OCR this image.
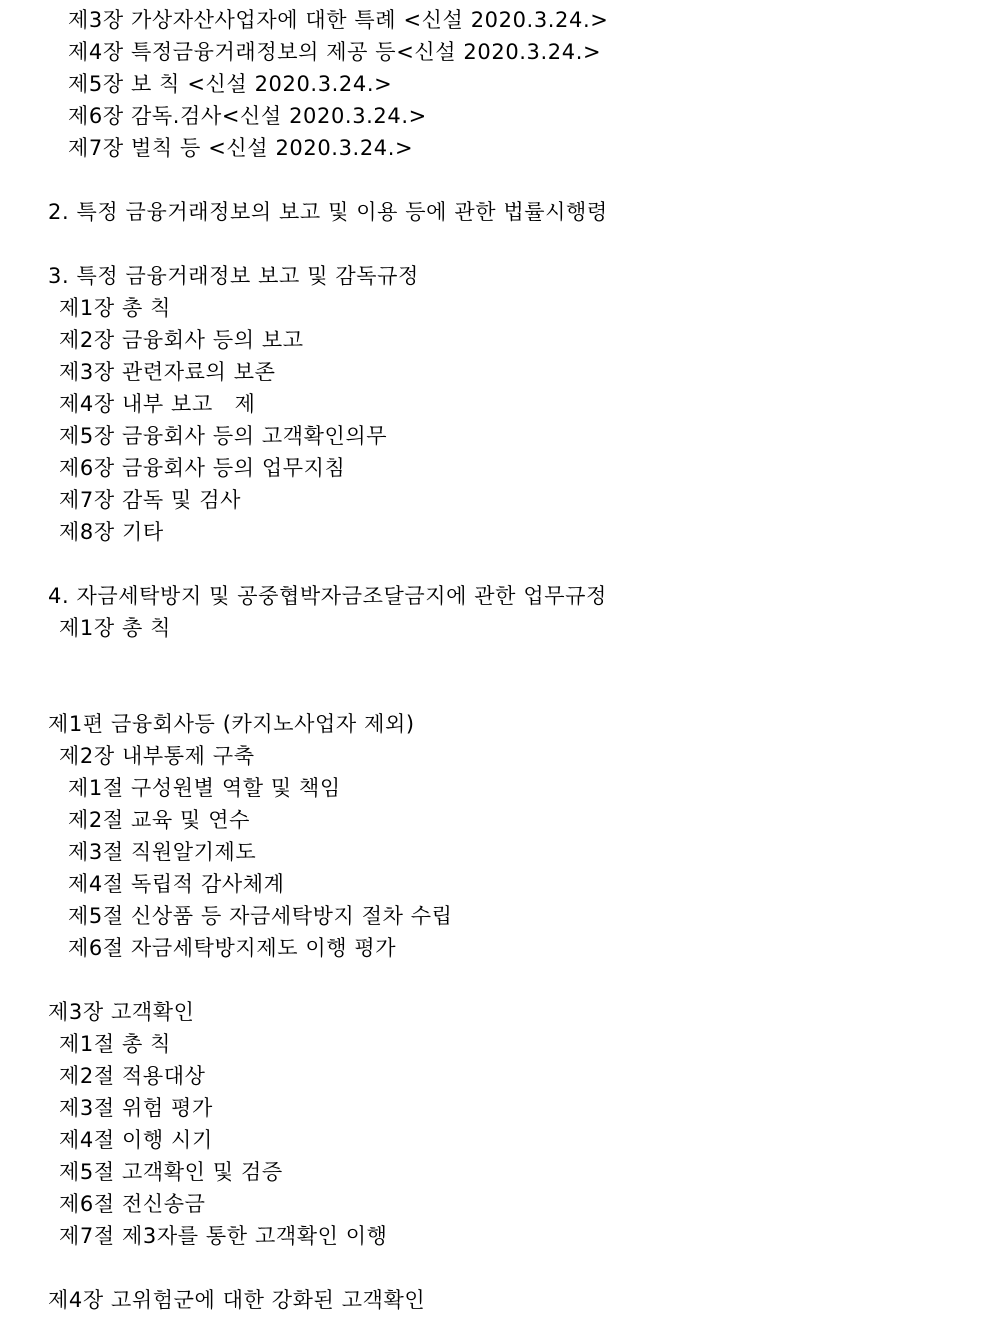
제3장 가상자산사업자에 대한 특례 <신설 2020.3.24.>
제4장 특정금융거래정보의 제공 등<신설 2020.3.24.>
제5장 보 칙 <신설 2020.3.24.>
제6장 감독.검사<신설 2020.3.24.>
제7장 벌칙 등 <신설 2020.3.24.>
2. 특정 금융거래정보의 보고 및 이용 등에 관한 법률시행령
3. 특정 금융거래정보 보고 및 감독규정
제1장 총 칙
제2장 금융회사 등의 보고
제3장 관련자료의 보존
제4장 내부 보고   제
제5장 금융회사 등의 고객확인의무
제6장 금융회사 등의 업무지침
제7장 감독 및 검사
제8장 기타
4. 자금세탁방지 및 공중협박자금조달금지에 관한 업무규정
제1장 총 칙
제1편 금융회사등 (카지노사업자 제외)
제2장 내부통제 구축
제1절 구성원별 역할 및 책임
제2절 교육 및 연수
제3절 직원알기제도
제4절 독립적 감사체계
제5절 신상품 등 자금세탁방지 절차 수립
제6절 자금세탁방지제도 이행 평가
제3장 고객확인
제1절 총 칙
제2절 적용대상
제3절 위험 평가
제4절 이행 시기
제5절 고객확인 및 검증
제6절 전신송금
제7절 제3자를 통한 고객확인 이행
제4장 고위험군에 대한 강화된 고객확인
